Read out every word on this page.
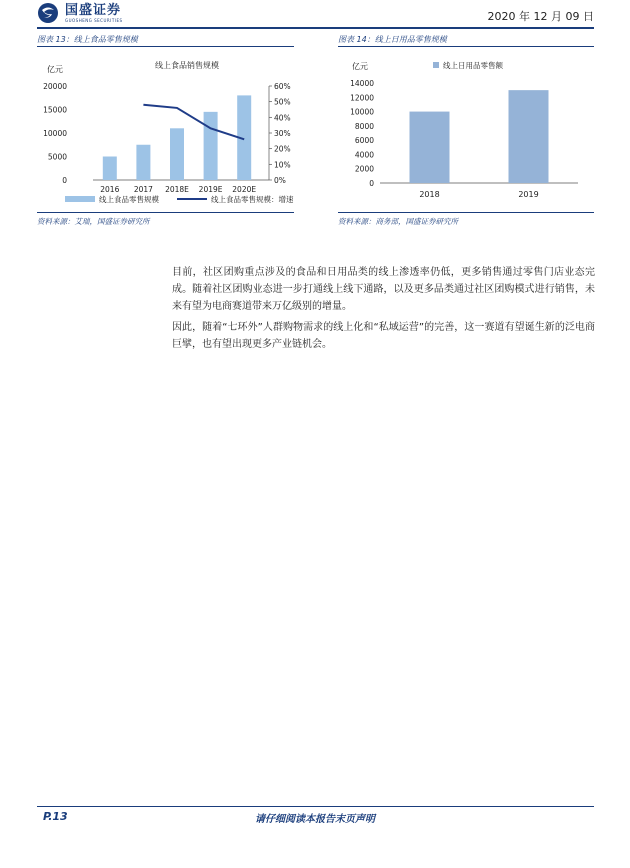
国盛证券
GUOSHENG SECURITIES	2020 年 12 月 09 日
图表 13：线上食品零售规模
亿元	线上食品销售规模
20000
15000
10000
5000
0
60%
50%
40%
30%
20%
10%
0%
2016 2017 2018E 2019E 2020E
线上食品零售规模	线上食品零售规模：增速
资料来源：艾瑞，国盛证券研究所
图表 14：线上日用品零售规模
亿元	线上日用品零售额
14000
12000
10000
8000
6000
4000
2000
0
2018	2019
资料来源：商务部，国盛证券研究所

目前，社区团购重点涉及的食品和日用品类的线上渗透率仍低，更多销售通过零售门店业态完成。随着社区团购业态进一步打通线上线下通路，以及更多品类通过社区团购模式进行销售，未来有望为电商赛道带来万亿级别的增量。

因此，随着“七环外”人群购物需求的线上化和“私域运营”的完善，这一赛道有望诞生新的泛电商巨擘，也有望出现更多产业链机会。

P.13	请仔细阅读本报告末页声明
